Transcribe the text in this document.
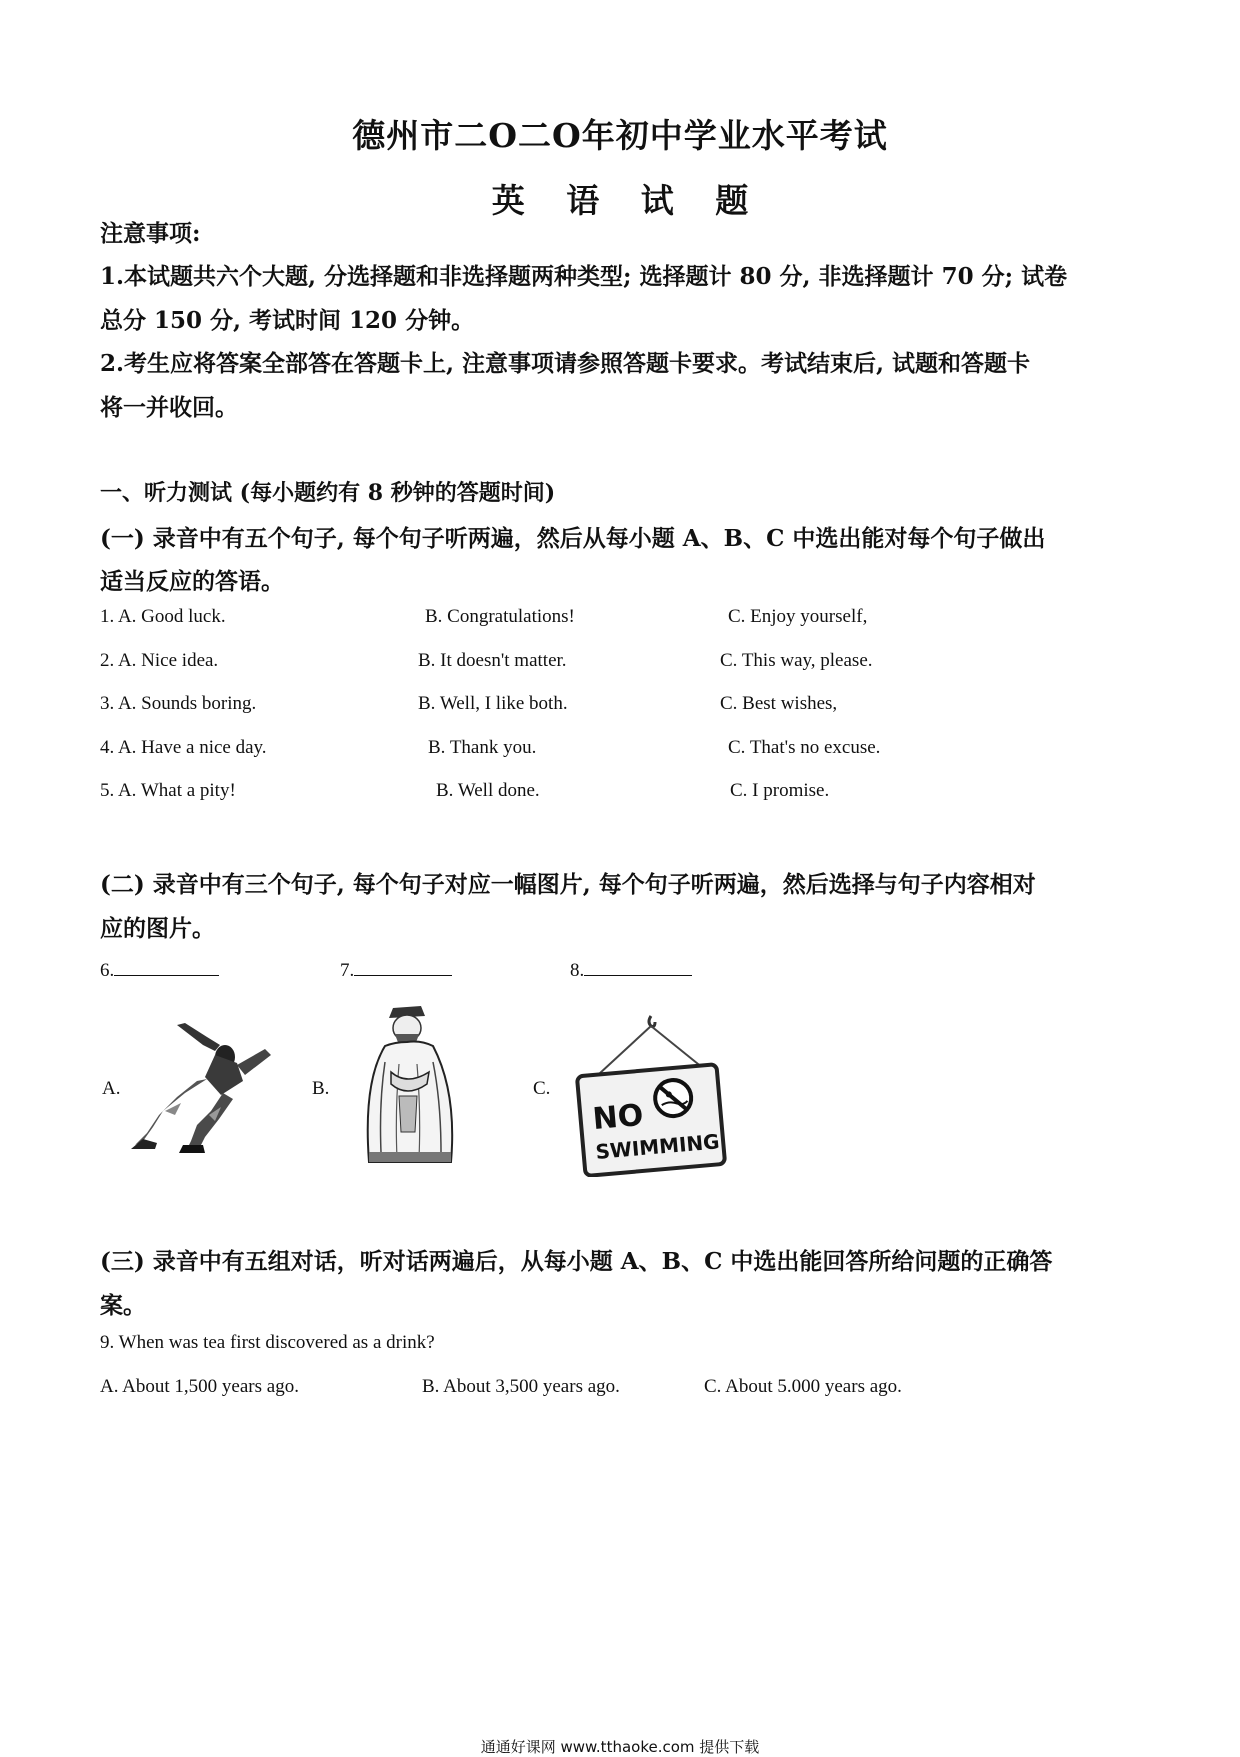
德州市二O二O年初中学业水平考试
英 语 试 题
注意事项:
1.本试题共六个大题, 分选择题和非选择题两种类型; 选择题计 80 分, 非选择题计 70 分; 试卷
总分 150 分, 考试时间 120 分钟。
2.考生应将答案全部答在答题卡上, 注意事项请参照答题卡要求。考试结束后, 试题和答题卡
将一并收回。
一、听力测试 (每小题约有 8 秒钟的答题时间)
(一) 录音中有五个句子, 每个句子听两遍，然后从每小题 A、B、C 中选出能对每个句子做出
适当反应的答语。
1. A. Good luck.	B. Congratulations!	C. Enjoy yourself,
2. A. Nice idea.	B. It doesn't matter.	C. This way, please.
3. A. Sounds boring.	B. Well, I like both.	C. Best wishes,
4. A. Have a nice day.	B. Thank you.	C. That's no excuse.
5. A. What a pity!	B. Well done.	C. I promise.
(二) 录音中有三个句子, 每个句子对应一幅图片, 每个句子听两遍，然后选择与句子内容相对
应的图片。
6.	7.	8.
A.	B.	C.
NO
SWIMMING
(三) 录音中有五组对话，听对话两遍后，从每小题 A、B、C 中选出能回答所给问题的正确答
案。
9. When was tea first discovered as a drink?
A. About 1,500 years ago.	B. About 3,500 years ago.	C. About 5.000 years ago.
通通好课网 www.tthaoke.com 提供下载
